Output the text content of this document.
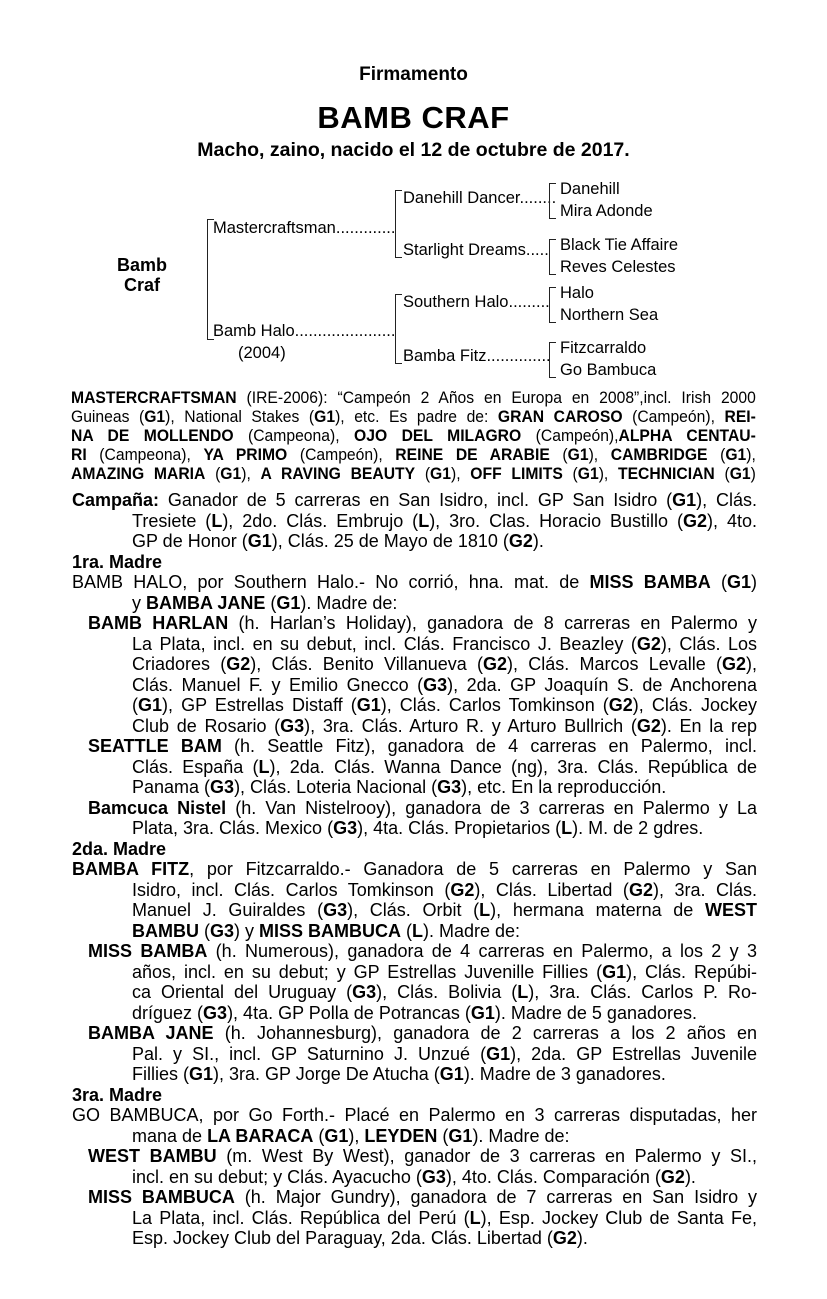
Firmamento
BAMB CRAF
Macho, zaino, nacido el 12 de octubre de 2017.
Bamb
Craf
Mastercraftsman.............
Bamb Halo......................
(2004)
Danehill Dancer........
Starlight Dreams.....
Southern Halo.........
Bamba Fitz..............
Danehill
Mira Adonde
Black Tie Affaire
Reves Celestes
Halo
Northern Sea
Fitzcarraldo
Go Bambuca
MASTERCRAFTSMAN (IRE-2006): “Campeón 2 Años en Europa en 2008”,incl. Irish 2000
Guineas (G1), National Stakes (G1), etc. Es padre de: GRAN CAROSO (Campeón), REI-
NA DE MOLLENDO (Campeona), OJO DEL MILAGRO (Campeón),ALPHA CENTAU-
RI (Campeona), YA PRIMO (Campeón), REINE DE ARABIE (G1), CAMBRIDGE (G1),
AMAZING MARIA (G1), A RAVING BEAUTY (G1), OFF LIMITS (G1), TECHNICIAN (G1)
Campaña: Ganador de 5 carreras en San Isidro, incl. GP San Isidro (G1), Clás.
Tresiete (L), 2do. Clás. Embrujo (L), 3ro. Clas. Horacio Bustillo (G2), 4to.
GP de Honor (G1), Clás. 25 de Mayo de 1810 (G2).
1ra. Madre
BAMB HALO, por Southern Halo.- No corrió, hna. mat. de MISS BAMBA (G1)
y BAMBA JANE (G1). Madre de:
BAMB HARLAN (h. Harlan’s Holiday), ganadora de 8 carreras en Palermo y
La Plata, incl. en su debut, incl. Clás. Francisco J. Beazley (G2), Clás. Los
Criadores (G2), Clás. Benito Villanueva (G2), Clás. Marcos Levalle (G2),
Clás. Manuel F. y Emilio Gnecco (G3), 2da. GP Joaquín S. de Anchorena
(G1), GP Estrellas Distaff (G1), Clás. Carlos Tomkinson (G2), Clás. Jockey
Club de Rosario (G3), 3ra. Clás. Arturo R. y Arturo Bullrich (G2). En la rep
SEATTLE BAM (h. Seattle Fitz), ganadora de 4 carreras en Palermo, incl.
Clás. España (L), 2da. Clás. Wanna Dance (ng), 3ra. Clás. República de
Panama (G3), Clás. Loteria Nacional (G3), etc. En la reproducción.
Bamcuca Nistel (h. Van Nistelrooy), ganadora de 3 carreras en Palermo y La
Plata, 3ra. Clás. Mexico (G3), 4ta. Clás. Propietarios (L). M. de 2 gdres.
2da. Madre
BAMBA FITZ, por Fitzcarraldo.- Ganadora de 5 carreras en Palermo y San
Isidro, incl. Clás. Carlos Tomkinson (G2), Clás. Libertad (G2), 3ra. Clás.
Manuel J. Guiraldes (G3), Clás. Orbit (L), hermana materna de WEST
BAMBU (G3) y MISS BAMBUCA (L). Madre de:
MISS BAMBA (h. Numerous), ganadora de 4 carreras en Palermo, a los 2 y 3
años, incl. en su debut; y GP Estrellas Juvenille Fillies (G1), Clás. Repúbi-
ca Oriental del Uruguay (G3), Clás. Bolivia (L), 3ra. Clás. Carlos P. Ro-
dríguez (G3), 4ta. GP Polla de Potrancas (G1). Madre de 5 ganadores.
BAMBA JANE (h. Johannesburg), ganadora de 2 carreras a los 2 años en
Pal. y SI., incl. GP Saturnino J. Unzué (G1), 2da. GP Estrellas Juvenile
Fillies (G1), 3ra. GP Jorge De Atucha (G1). Madre de 3 ganadores.
3ra. Madre
GO BAMBUCA, por Go Forth.- Placé en Palermo en 3 carreras disputadas, her
mana de LA BARACA (G1), LEYDEN (G1). Madre de:
WEST BAMBU (m. West By West), ganador de 3 carreras en Palermo y SI.,
incl. en su debut; y Clás. Ayacucho (G3), 4to. Clás. Comparación (G2).
MISS BAMBUCA (h. Major Gundry), ganadora de 7 carreras en San Isidro y
La Plata, incl. Clás. República del Perú (L), Esp. Jockey Club de Santa Fe,
Esp. Jockey Club del Paraguay, 2da. Clás. Libertad (G2).
